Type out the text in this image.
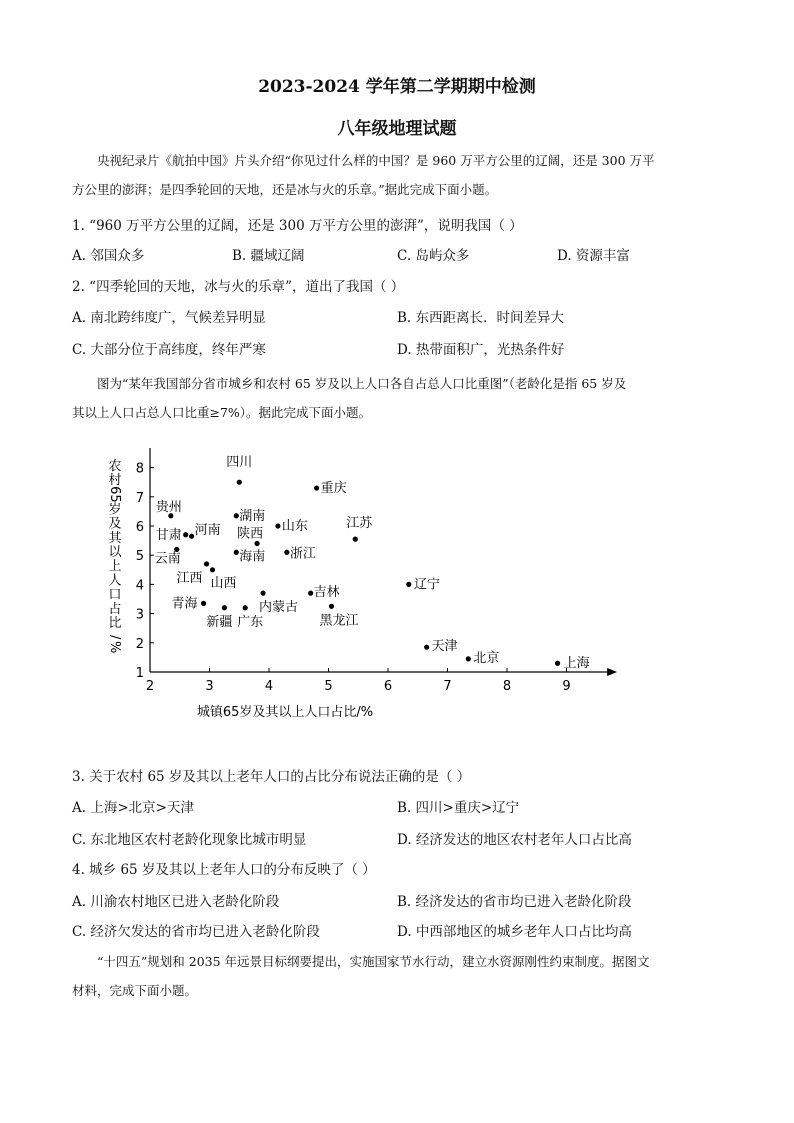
2023-2024 学年第二学期期中检测
八年级地理试题
央视纪录片《航拍中国》片头介绍“你见过什么样的中国？是 960 万平方公里的辽阔，还是 300 万平
方公里的澎湃；是四季轮回的天地，还是冰与火的乐章。”据此完成下面小题。
1. “960 万平方公里的辽阔，还是 300 万平方公里的澎湃”，说明我国（ ）
A. 邻国众多	B. 疆域辽阔	C. 岛屿众多	D. 资源丰富
2. “四季轮回的天地，冰与火的乐章”，道出了我国（ ）
A. 南北跨纬度广，气候差异明显	B. 东西距离长．时间差异大
C. 大部分位于高纬度，终年严寒	D. 热带面积广，光热条件好
图为“某年我国部分省市城乡和农村 65 岁及以上人口各自占总人口比重图”（老龄化是指 65 岁及
其以上人口占总人口比重≥7%）。据此完成下面小题。
2	3	4	5	6	7	8	9
1
2
3
4
5
6
7
8	四川
重庆
贵州
湖南
山东
甘肃 河南	江苏
陕西
云南	海南 浙江
江西 山西	辽宁
吉林
内蒙古
青海
新疆 广东	黑龙江
天津
北京	上海
城镇65岁及其以上人口占比/%
农
村
65
岁
及
其
以
上
人
口
占
比
/
%
3. 关于农村 65 岁及其以上老年人口的占比分布说法正确的是（ ）
A. 上海>北京>天津	B. 四川>重庆>辽宁
C. 东北地区农村老龄化现象比城市明显	D. 经济发达的地区农村老年人口占比高
4. 城乡 65 岁及其以上老年人口的分布反映了（ ）
A. 川渝农村地区已进入老龄化阶段	B. 经济发达的省市均已进入老龄化阶段
C. 经济欠发达的省市均已进入老龄化阶段	D. 中西部地区的城乡老年人口占比均高
“十四五”规划和 2035 年远景目标纲要提出，实施国家节水行动，建立水资源刚性约束制度。据图文
材料，完成下面小题。
